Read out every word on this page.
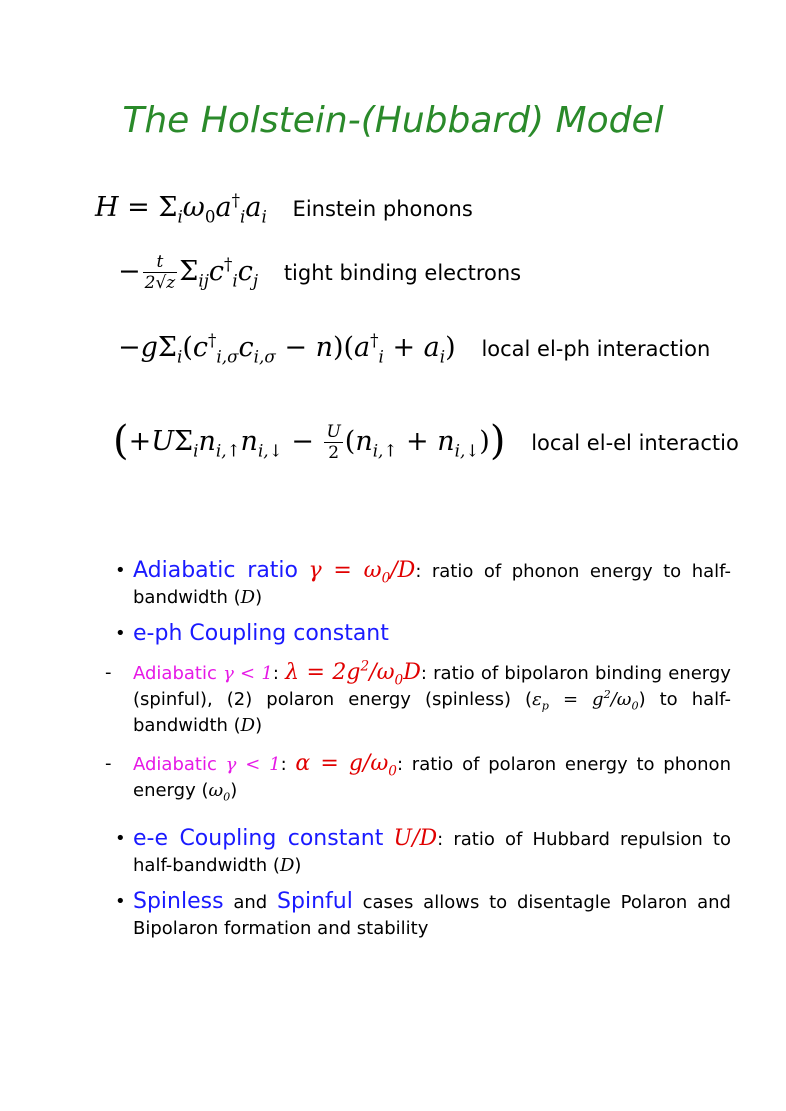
The Holstein-(Hubbard) Model
$H = \Sigma_i\omega_0a^\dagger_ia_i$ Einstein phonons
− $\frac{t}{2√z} \Sigma_{ij}c^\dagger_ic_j$ tight binding electrons
$-g\Sigma_i(c^\dagger_{i,\sigma}c_{i,\sigma} - n)(a^\dagger_i + a_i)$ local el-ph interaction
$(+U\Sigma_in_{i,↑}n_{i,↓} - \frac{U}{2} (n_{i,↑} + n_{i,↓}))$ local el-el interactio
• Adiabatic ratio $\gamma = \omega_0/D$: ratio of phonon energy to half-bandwidth (D)
• e-ph Coupling constant
- Adiabatic γ < 1: $\lambda = 2g^2/\omega_0D$: ratio of bipolaron binding energy (spinful), (2) polaron energy (spinless) $(\varepsilon_p = g^2/\omega_0)$ to half-bandwidth (D)
- Adiabatic γ < 1: $\alpha = g/\omega_0$: ratio of polaron energy to phonon energy $(\omega_0)$
• e-e Coupling constant U/D: ratio of Hubbard repulsion to half-bandwidth (D)
• Spinless and Spinful cases allows to disentagle Polaron and Bipolaron formation and stability
